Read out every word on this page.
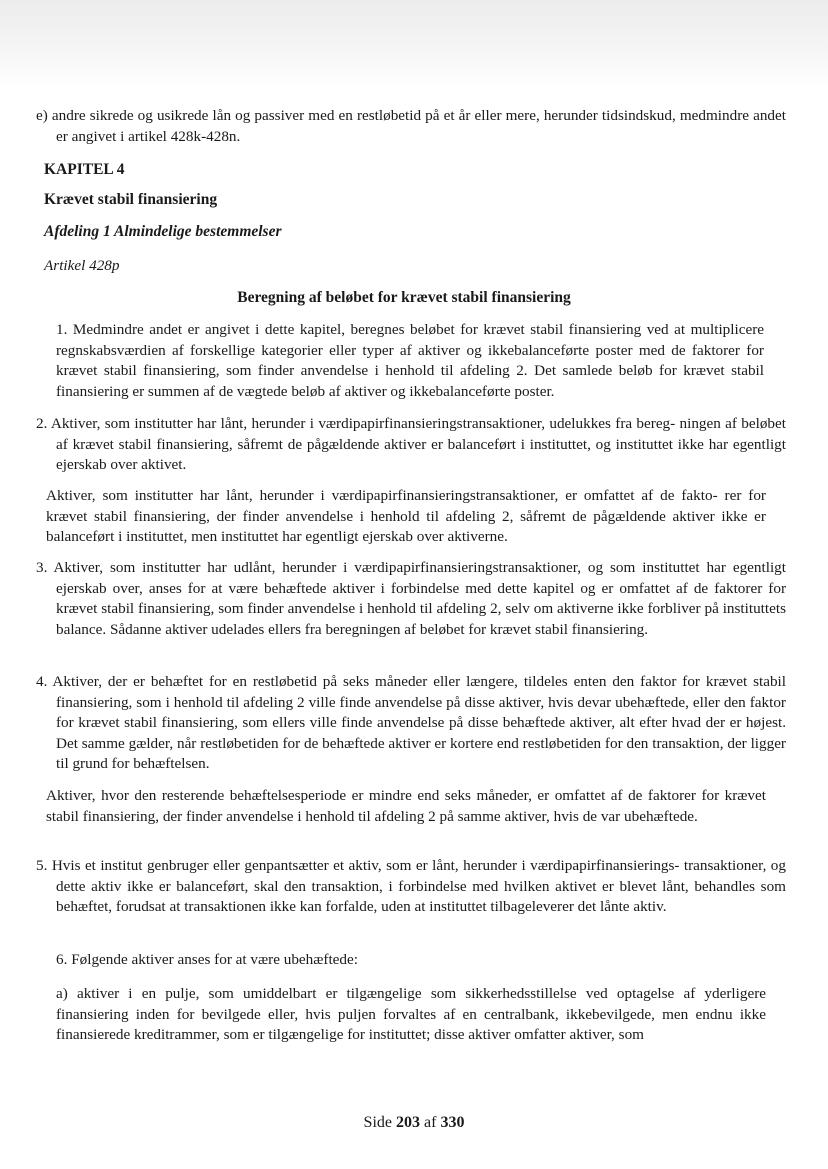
e) andre sikrede og usikrede lån og passiver med en restløbetid på et år eller mere, herunder tidsindskud, medmindre andet er angivet i artikel 428k-428n.

KAPITEL 4

Krævet stabil finansiering

Afdeling 1 Almindelige bestemmelser

Artikel 428p

Beregning af beløbet for krævet stabil finansiering

1. Medmindre andet er angivet i dette kapitel, beregnes beløbet for krævet stabil finansiering ved at multiplicere regnskabsværdien af forskellige kategorier eller typer af aktiver og ikkebalanceførte poster med de faktorer for krævet stabil finansiering, som finder anvendelse i henhold til afdeling 2. Det samlede beløb for krævet stabil finansiering er summen af de vægtede beløb af aktiver og ikkebalanceførte poster.

2. Aktiver, som institutter har lånt, herunder i værdipapirfinansieringstransaktioner, udelukkes fra bereg- ningen af beløbet af krævet stabil finansiering, såfremt de pågældende aktiver er balanceført i instituttet, og instituttet ikke har egentligt ejerskab over aktivet.

Aktiver, som institutter har lånt, herunder i værdipapirfinansieringstransaktioner, er omfattet af de fakto- rer for krævet stabil finansiering, der finder anvendelse i henhold til afdeling 2, såfremt de pågældende aktiver ikke er balanceført i instituttet, men instituttet har egentligt ejerskab over aktiverne.

3. Aktiver, som institutter har udlånt, herunder i værdipapirfinansieringstransaktioner, og som instituttet har egentligt ejerskab over, anses for at være behæftede aktiver i forbindelse med dette kapitel og er omfattet af de faktorer for krævet stabil finansiering, som finder anvendelse i henhold til afdeling 2, selv om aktiverne ikke forbliver på instituttets balance. Sådanne aktiver udelades ellers fra beregningen af beløbet for krævet stabil finansiering.

4. Aktiver, der er behæftet for en restløbetid på seks måneder eller længere, tildeles enten den faktor for krævet stabil finansiering, som i henhold til afdeling 2 ville finde anvendelse på disse aktiver, hvis devar ubehæftede, eller den faktor for krævet stabil finansiering, som ellers ville finde anvendelse på disse behæftede aktiver, alt efter hvad der er højest. Det samme gælder, når restløbetiden for de behæftede aktiver er kortere end restløbetiden for den transaktion, der ligger til grund for behæftelsen.

Aktiver, hvor den resterende behæftelsesperiode er mindre end seks måneder, er omfattet af de faktorer for krævet stabil finansiering, der finder anvendelse i henhold til afdeling 2 på samme aktiver, hvis de var ubehæftede.

5. Hvis et institut genbruger eller genpantsætter et aktiv, som er lånt, herunder i værdipapirfinansierings- transaktioner, og dette aktiv ikke er balanceført, skal den transaktion, i forbindelse med hvilken aktivet er blevet lånt, behandles som behæftet, forudsat at transaktionen ikke kan forfalde, uden at instituttet tilbageleverer det lånte aktiv.

6. Følgende aktiver anses for at være ubehæftede:

a) aktiver i en pulje, som umiddelbart er tilgængelige som sikkerhedsstillelse ved optagelse af yderligere finansiering inden for bevilgede eller, hvis puljen forvaltes af en centralbank, ikkebevilgede, men endnu ikke finansierede kreditrammer, som er tilgængelige for instituttet; disse aktiver omfatter aktiver, som

Side 203 af 330
